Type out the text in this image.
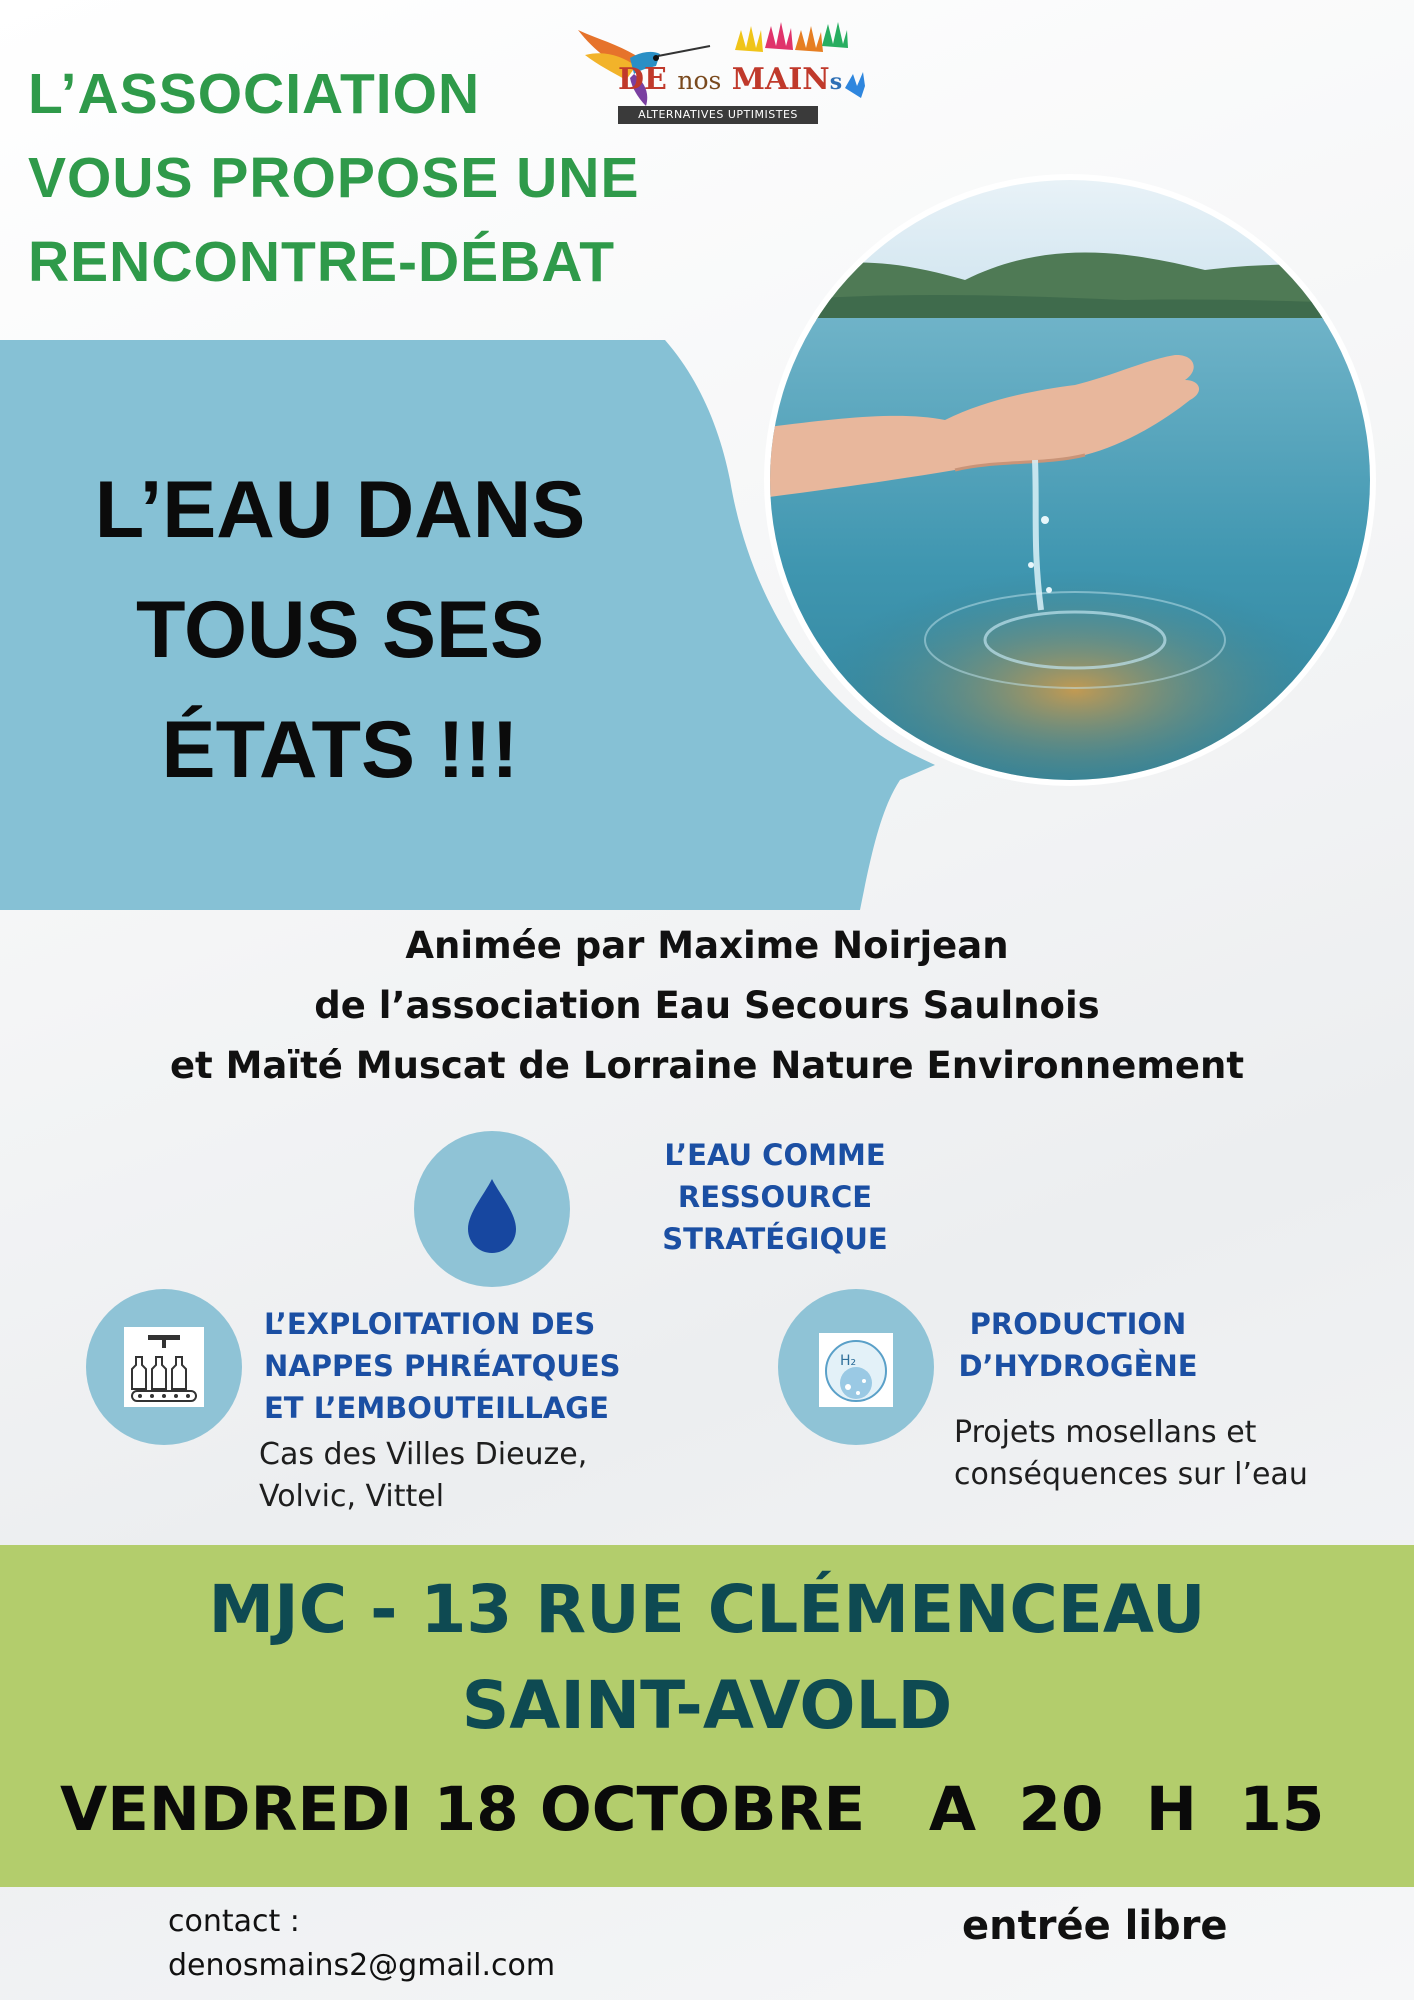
L’ASSOCIATION
VOUS PROPOSE UNE
RENCONTRE-DÉBAT
DE nos MAINs
ALTERNATIVES UPTIMISTES
L’EAU DANS
TOUS SES
ÉTATS !!!
Animée par Maxime Noirjean
de l’association Eau Secours Saulnois
et Maïté Muscat de Lorraine Nature Environnement
L’EAU COMME
RESSOURCE
STRATÉGIQUE
L’EXPLOITATION DES
NAPPES PHRÉATQUES
ET L’EMBOUTEILLAGE
Cas des Villes Dieuze,
Volvic, Vittel
H₂
PRODUCTION
D’HYDROGÈNE
Projets mosellans et
conséquences sur l’eau
MJC - 13 RUE CLÉMENCEAU
SAINT-AVOLD
VENDREDI 18 OCTOBRE   A  20  H  15
contact :
denosmains2@gmail.com
entrée libre
